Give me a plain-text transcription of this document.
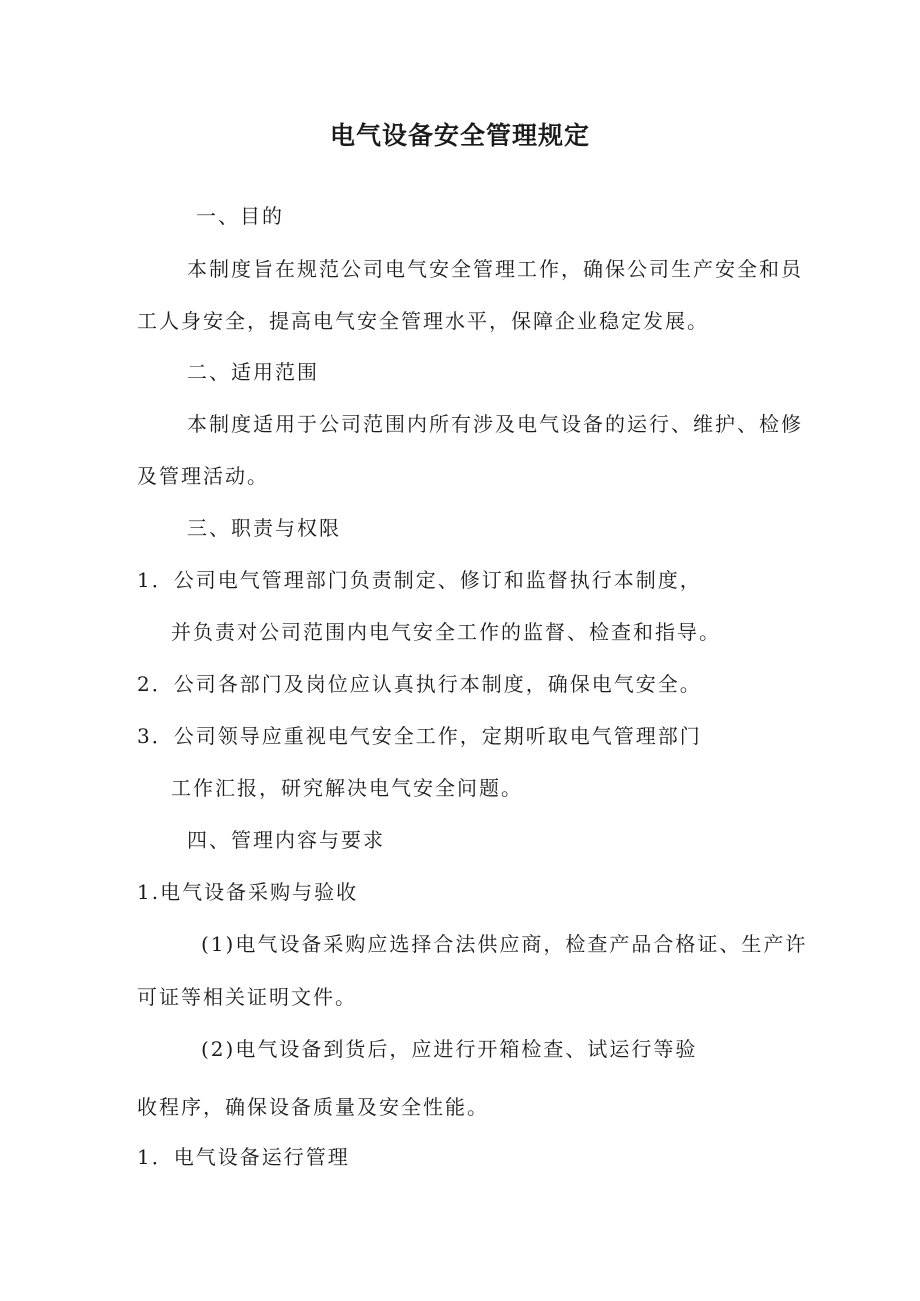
电气设备安全管理规定
一、目的
本制度旨在规范公司电气安全管理工作，确保公司生产安全和员
工人身安全，提高电气安全管理水平，保障企业稳定发展。
二、适用范围
本制度适用于公司范围内所有涉及电气设备的运行、维护、检修
及管理活动。
三、职责与权限
1．公司电气管理部门负责制定、修订和监督执行本制度，
并负责对公司范围内电气安全工作的监督、检查和指导。
2．公司各部门及岗位应认真执行本制度，确保电气安全。
3．公司领导应重视电气安全工作，定期听取电气管理部门
工作汇报，研究解决电气安全问题。
四、管理内容与要求
1.电气设备采购与验收
(1)电气设备采购应选择合法供应商，检查产品合格证、生产许
可证等相关证明文件。
(2)电气设备到货后，应进行开箱检查、试运行等验
收程序，确保设备质量及安全性能。
1．电气设备运行管理
